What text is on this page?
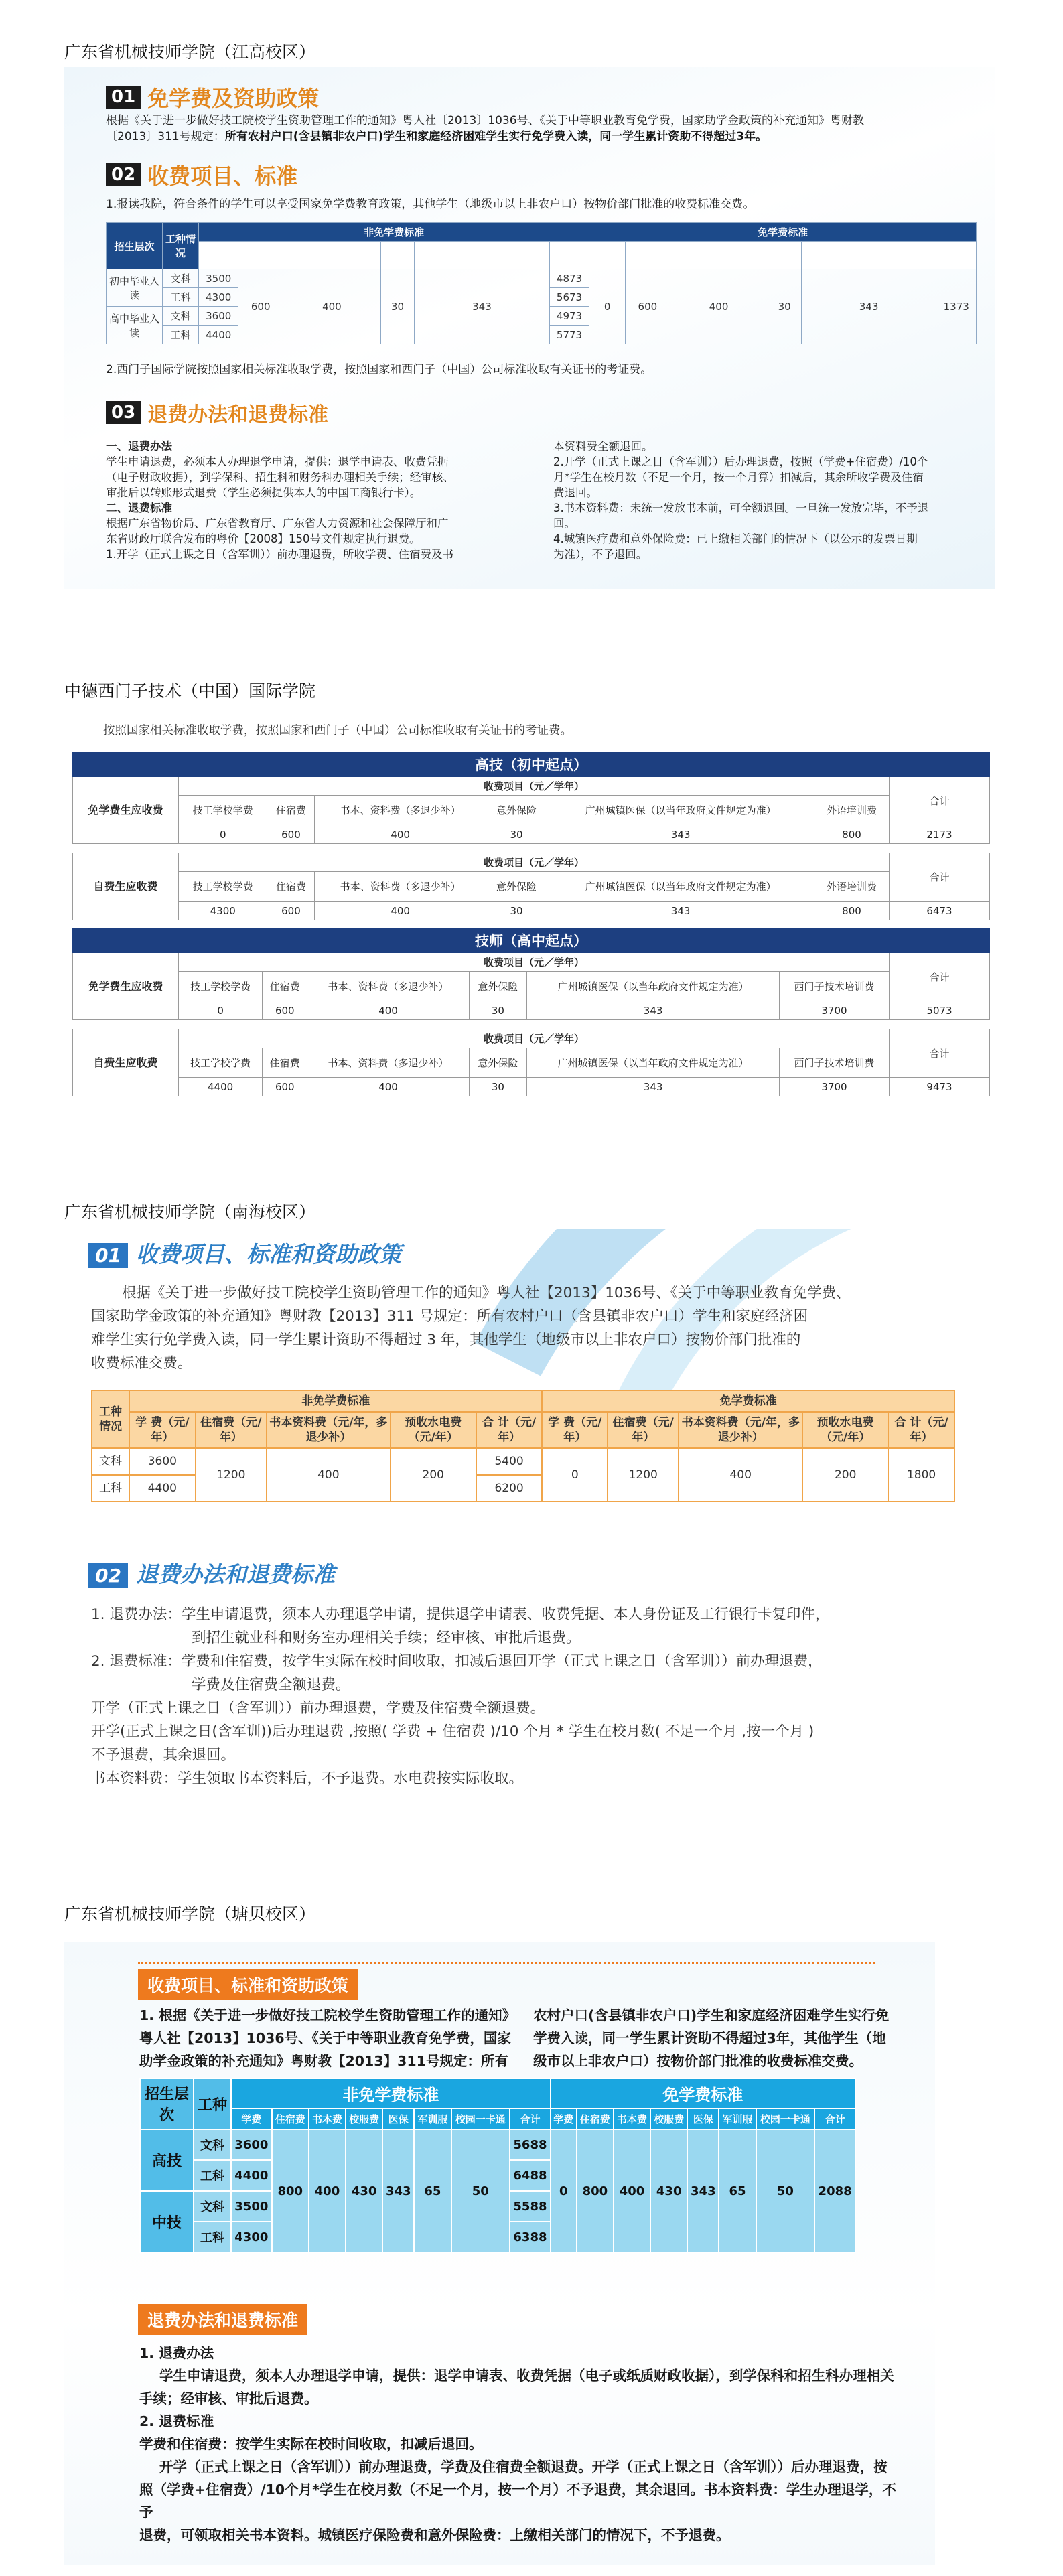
广东省机械技师学院（江高校区）
中德西门子技术（中国）国际学院
广东省机械技师学院（南海校区）
广东省机械技师学院（塘贝校区）
01 免学费及资助政策
根据《关于进一步做好技工院校学生资助管理工作的通知》粤人社〔2013〕1036号、《关于中等职业教育免学费，国家助学金政策的补充通知》粤财教
〔2013〕311号规定：所有农村户口(含县镇非农户口)学生和家庭经济困难学生实行免学费入读，同一学生累计资助不得超过3年。
02 收费项目、标准
1.报读我院，符合条件的学生可以享受国家免学费教育政策，其他学生（地级市以上非农户口）按物价部门批准的收费标准交费。
招生层次	工种情况	非免学费标准						免学费标准					
		学费元/年	住宿费元/年	书本资料费元/年（多退少补）	意外保险	广州城镇医保（以当年政府文件规定为准）	合计元/年	学费元/年	住宿费元/年	书本资料费元/年（多退少补）	意外保险	广州城镇医保（以当年政府文件规定为准）	合计元/年
初中毕业入读	文科	3500	600	400	30	343	4873	0	600	400	30	343	1373
	工科	4300					5673						
高中毕业入读	文科	3600					4973						
	工科	4400					5773						
2.西门子国际学院按照国家相关标准收取学费，按照国家和西门子（中国）公司标准收取有关证书的考证费。
03 退费办法和退费标准
一、退费办法
学生申请退费，必须本人办理退学申请，提供：退学申请表、收费凭据
（电子财政收据），到学保科、招生科和财务科办理相关手续；经审核、
审批后以转账形式退费（学生必须提供本人的中国工商银行卡）。
二、退费标准
根据广东省物价局、广东省教育厅、广东省人力资源和社会保障厅和广
东省财政厅联合发布的粤价【2008】150号文件规定执行退费。
1.开学（正式上课之日（含军训））前办理退费，所收学费、住宿费及书
本资料费全额退回。
2.开学（正式上课之日（含军训））后办理退费，按照（学费+住宿费）/10个
月*学生在校月数（不足一个月，按一个月算）扣减后，其余所收学费及住宿
费退回。
3.书本资料费：未统一发放书本前，可全额退回。一旦统一发放完毕，不予退
回。
4.城镇医疗费和意外保险费：已上缴相关部门的情况下（以公示的发票日期
为准），不予退回。
按照国家相关标准收取学费，按照国家和西门子（中国）公司标准收取有关证书的考证费。
高技（初中起点）							
免学费生应收费	收费项目（元／学年）						合计
	技工学校学费	住宿费	书本、资料费（多退少补）	意外保险	广州城镇医保（以当年政府文件规定为准）	外语培训费	
	0	600	400	30	343	800	2173

自费生应收费	收费项目（元／学年）						合计
	技工学校学费	住宿费	书本、资料费（多退少补）	意外保险	广州城镇医保（以当年政府文件规定为准）	外语培训费	
	4300	600	400	30	343	800	6473
技师（高中起点）							
免学费生应收费	收费项目（元／学年）						合计
	技工学校学费	住宿费	书本、资料费（多退少补）	意外保险	广州城镇医保（以当年政府文件规定为准）	西门子技术培训费	
	0	600	400	30	343	3700	5073

自费生应收费	收费项目（元／学年）						合计
	技工学校学费	住宿费	书本、资料费（多退少补）	意外保险	广州城镇医保（以当年政府文件规定为准）	西门子技术培训费	
	4400	600	400	30	343	3700	9473
01 收费项目、标准和资助政策
根据《关于进一步做好技工院校学生资助管理工作的通知》粤人社【2013】1036号、《关于中等职业教育免学费、
国家助学金政策的补充通知》粤财教【2013】311 号规定：所有农村户口（含县镇非农户口）学生和家庭经济困
难学生实行免学费入读，同一学生累计资助不得超过 3 年，其他学生（地级市以上非农户口）按物价部门批准的
收费标准交费。
工种情况	非免学费标准					免学费标准				
	学 费（元/年）	住宿费（元/年）	书本资料费（元/年，多退少补）	预收水电费（元/年）	合 计（元/年）	学 费（元/年）	住宿费（元/年）	书本资料费（元/年，多退少补）	预收水电费（元/年）	合 计（元/年）
文科	3600	1200	400	200	5400	0	1200	400	200	1800
工科	4400				6200					
02 退费办法和退费标准
1. 退费办法：学生申请退费，须本人办理退学申请，提供退学申请表、收费凭据、本人身份证及工行银行卡复印件，
到招生就业科和财务室办理相关手续；经审核、审批后退费。
2. 退费标准：学费和住宿费，按学生实际在校时间收取，扣减后退回开学（正式上课之日（含军训））前办理退费，
学费及住宿费全额退费。
开学（正式上课之日（含军训））前办理退费，学费及住宿费全额退费。
开学(正式上课之日(含军训))后办理退费 ,按照( 学费 + 住宿费 )/10 个月 * 学生在校月数( 不足一个月 ,按一个月 )
不予退费，其余退回。
书本资料费：学生领取书本资料后，不予退费。水电费按实际收取。
收费项目、标准和资助政策
1. 根据《关于进一步做好技工院校学生资助管理工作的通知》
粤人社【2013】1036号、《关于中等职业教育免学费，国家
助学金政策的补充通知》粤财教【2013】311号规定：所有
农村户口(含县镇非农户口)学生和家庭经济困难学生实行免
学费入读，同一学生累计资助不得超过3年，其他学生（地
级市以上非农户口）按物价部门批准的收费标准交费。
招生层次	工种	非免学费标准								免学费标准							
		学费	住宿费	书本费	校服费	医保	军训服	校园一卡通	合计	学费	住宿费	书本费	校服费	医保	军训服	校园一卡通	合计
高技	文科	3600	800	400	430	343	65	50	5688	0	800	400	430	343	65	50	2088
	工科	4400							6488								
中技	文科	3500							5588								
	工科	4300							6388								
退费办法和退费标准
1. 退费办法
学生申请退费，须本人办理退学申请，提供：退学申请表、收费凭据（电子或纸质财政收据），到学保科和招生科办理相关
手续；经审核、审批后退费。
2. 退费标准
学费和住宿费：按学生实际在校时间收取，扣减后退回。
开学（正式上课之日（含军训））前办理退费，学费及住宿费全额退费。开学（正式上课之日（含军训））后办理退费，按
照（学费+住宿费）/10个月*学生在校月数（不足一个月，按一个月）不予退费，其余退回。书本资料费：学生办理退学，不予
退费，可领取相关书本资料。城镇医疗保险费和意外保险费：上缴相关部门的情况下，不予退费。
